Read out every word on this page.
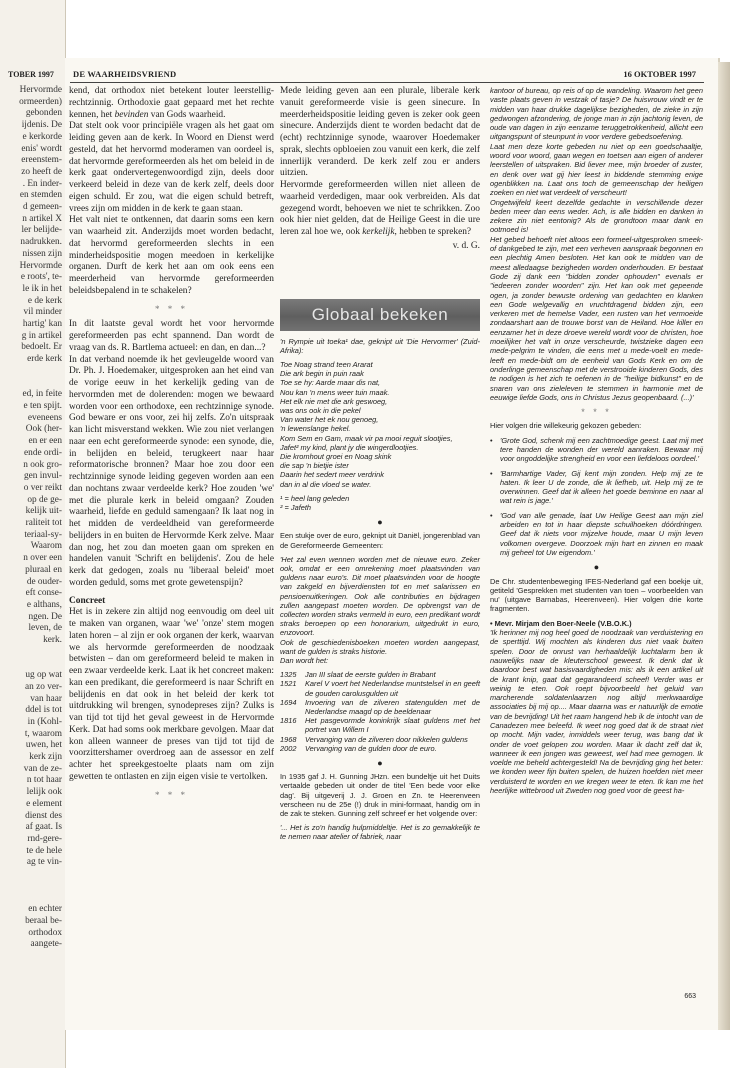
TOBER 1997
Hervormde
ormeerden)
gebonden
ijdenis. De
e kerkorde
enis' wordt
ereenstem-
zo heeft de
. En inder-
en stemden
d gemeen-
n artikel X
ler belijde-
nadrukken.
nissen zijn
Hervormde
e roots', te-
le ik in het
e de kerk
vil minder
hartig' kan
g in artikel
bedoelt. Er
erde kerk

ed, in feite
e ten spijt.
eveneens
Ook (her-
en er een
ende ordi-
n ook gro-
gen invul-
o ver reikt
op de ge-
kelijk uit-
raliteit tot
teriaal-sy-
Waarom
n over een
pluraal en
de ouder-
eft conse-
e althans,
ngen. De
leven, de
kerk.

ug op wat
an zo ver-
van haar
ddel is tot
in (Kohl-
t, waarom
uwen, het
kerk zijn
van de ze-
n tot haar
lelijk ook
e element
dienst des
af gaat. Is
rnd-gere-
te de hele
ag te vin-

en echter
beraal be-
orthodox
aangete-
DE WAARHEIDSVRIEND	16 OKTOBER 1997

kend, dat orthodox niet betekent louter leerstellig-rechtzinnig. Orthodoxie gaat gepaard met het rechte kennen, het bevinden van Gods waarheid.

Dat stelt ook voor principiële vragen als het gaat om leiding geven aan de kerk. In Woord en Dienst werd gesteld, dat het hervormd moderamen van oordeel is, dat hervormde gereformeerden als het om beleid in de kerk gaat ondervertegenwoordigd zijn, deels door verkeerd beleid in deze van de kerk zelf, deels door eigen schuld. Er zou, wat die eigen schuld betreft, vrees zijn om midden in de kerk te gaan staan.

Het valt niet te ontkennen, dat daarin soms een kern van waarheid zit. Anderzijds moet worden bedacht, dat hervormd gereformeerden slechts in een minderheidspositie mogen meedoen in kerkelijke organen. Durft de kerk het aan om ook eens een meerderheid van hervormde gereformeerden beleidsbepalend in te schakelen?

* * *

In dit laatste geval wordt het voor hervormde gereformeerden pas echt spannend. Dan wordt de vraag van ds. R. Bartlema actueel: en dan, en dan...?

In dat verband noemde ik het gevleugelde woord van Dr. Ph. J. Hoedemaker, uitgesproken aan het eind van de vorige eeuw in het kerkelijk geding van de hervormden met de dolerenden: mogen we bewaard worden voor een orthodoxe, een rechtzinnige synode. God beware er ons voor, zei hij zelfs. Zo'n uitspraak kan licht misverstand wekken. Wie zou niet verlangen naar een echt gereformeerde synode: een synode, die, in belijden en beleid, terugkeert naar haar reformatorische bronnen? Maar hoe zou door een rechtzinnige synode leiding gegeven worden aan een dan nochtans zwaar verdeelde kerk? Hoe zouden 'we' met die plurale kerk in beleid omgaan? Zouden waarheid, liefde en geduld samengaan? Ik laat nog in het midden de verdeeldheid van gereformeerde belijders in en buiten de Hervormde Kerk zelve. Maar dan nog, het zou dan moeten gaan om spreken en handelen vanuit 'Schrift en belijdenis'. Zou de hele kerk dat gedogen, zoals nu 'liberaal beleid' moet worden geduld, soms met grote gewetenspijn?

Concreet

Het is in zekere zin altijd nog eenvoudig om deel uit te maken van organen, waar 'we' 'onze' stem mogen laten horen – al zijn er ook organen der kerk, waarvan we als hervormde gereformeerden de noodzaak betwisten – dan om gereformeerd beleid te maken in een zwaar verdeelde kerk. Laat ik het concreet maken: kan een predikant, die gereformeerd is naar Schrift en belijdenis en dat ook in het beleid der kerk tot uitdrukking wil brengen, synodepreses zijn? Zulks is van tijd tot tijd het geval geweest in de Hervormde Kerk. Dat had soms ook merkbare gevolgen. Maar dat kon alleen wanneer de preses van tijd tot tijd de voorzittershamer overdroeg aan de assessor en zelf achter het spreekgestoelte plaats nam om zijn gewetten te ontlasten en zijn eigen visie te vertolken.

* * *

Mede leiding geven aan een plurale, liberale kerk vanuit gereformeerde visie is geen sinecure. In meerderheidspositie leiding geven is zeker ook geen sinecure. Anderzijds dient te worden bedacht dat de (echt) rechtzinnige synode, waarover Hoedemaker sprak, slechts opbloeien zou vanuit een kerk, die zelf innerlijk veranderd. De kerk zelf zou er anders uitzien.

Hervormde gereformeerden willen niet alleen de waarheid verdedigen, maar ook verbreiden. Als dat gezegend wordt, behoeven we niet te schrikken. Zoo ook hier niet gelden, dat de Heilige Geest in die ure leren zal hoe we, ook kerkelijk, hebben te spreken?

v. d. G.

Globaal bekeken

'n Rympie uit toeka¹ dae, geknipt uit 'Die Hervormer' (Zuid-Afrika):

Toe Noag strand teen Ararat
Die ark begin in puin raak
Toe se hy: Aarde maar dis nat,
Nou kan 'n mens weer tuin maak.
Het elk nie met die ark geswoeg,
was ons ook in die pekel
Van water het ek nou genoeg,
'n lewenslange hekel.
Kom Sem en Gam, maak vir pa mooi reguit slootjies,
Jafet² my kind, plant jy die wingerdlootjies.
Die kromhout groei en Noag skink
die sap 'n bietjie ister
Daarin het sedert meer verdrink
dan in al die vloed se water.

¹ = heel lang geleden
² = Jafeth

●

Een stukje over de euro, geknipt uit Daniël, jongerenblad van de Gereformeerde Gemeenten:

'Het zal even wennen worden met de nieuwe euro. Zeker ook, omdat er een omrekening moet plaatsvinden van guldens naar euro's. Dit moet plaatsvinden voor de hoogte van zakgeld en bijverdiensten tot en met salarissen en pensioenuitkeringen. Ook alle contributies en bijdragen zullen aangepast moeten worden. De opbrengst van de collecten worden straks vermeld in euro, een predikant wordt straks beroepen op een honorarium, uitgedrukt in euro, enzovoort.
Ook de geschiedenisboeken moeten worden aangepast, want de gulden is straks historie.
Dan wordt het:

1325	Jan III slaat de eerste gulden in Brabant
1521	Karel V voert het Nederlandse muntstelsel in en geeft de gouden carolusgulden uit
1694	Invoering van de zilveren statengulden met de Nederlandse maagd op de beeldenaar
1816	Het pasgevormde koninkrijk slaat guldens met het portret van Willem I
1968	Vervanging van de zilveren door nikkelen guldens
2002	Vervanging van de gulden door de euro.
●

In 1935 gaf J. H. Gunning JHzn. een bundeltje uit het Duits vertaalde gebeden uit onder de titel 'Een bede voor elke dag'. Bij uitgeverij J. J. Groen en Zn. te Heerenveen verscheen nu de 25e (!) druk in mini-formaat, handig om in de zak te steken. Gunning zelf schreef er het volgende over:

'... Het is zo'n handig hulpmiddeltje. Het is zo gemakkelijk te te nemen naar atelier of fabriek, naar

kantoor of bureau, op reis of op de wandeling. Waarom het geen vaste plaats geven in vestzak of tasje? De huisvrouw vindt er te midden van haar drukke dagelijkse bezigheden, de zieke in zijn gedwongen afzondering, de jonge man in zijn jachtorig leven, de oude van dagen in zijn eenzame teruggetrokkenheid, allicht een uitgangspunt of steunpunt in voor verdere gebedsoefening.
Laat men deze korte gebeden nu niet op een goedschaaltje, woord voor woord, gaan wegen en toetsen aan eigen of anderer leerstellen of uitspraken. Bid liever mee, mijn broeder of zuster, en denk over wat gij hier leest in biddende stemming enige ogenblikken na. Laat ons toch de gemeenschap der heiligen zoeken en niet wat verdeelt of verscheurt!
Ongetwijfeld keert dezelfde gedachte in verschillende dezer beden meer dan eens weder. Ach, is alle bidden en danken in zekere zin niet eentonig? Als de grondtoon maar dank en ootmoed is!
Het gebed behoeft niet altoos een formeel-uitgesproken smeek- of dankgebed te zijn, met een verheven aanspraak begonnen en een plechtig Amen besloten. Het kan ook te midden van de meest alledaagse bezigheden worden onderhouden. Er bestaat Gode zij dank een "bidden zonder ophouden" evenals er "iedeeren zonder woorden" zijn. Het kan ook met gepeende ogen, ja zonder bewuste ordening van gedachten en klanken een Gode welgevallig en vruchtdragend bidden zijn, een verkeren met de hemelse Vader, een rusten van het vermoeide zondaarshart aan de trouwe borst van de Heiland. Hoe killer en eenzamer het in deze droeve wereld wordt voor de christen, hoe moeilijker het valt in onze verscheurde, twistzieke dagen een mede-pelgrim te vinden, die eens met u mede-voelt en mede-leeft en mede-bidt om de eenheid van Gods Kerk en om de onderlinge gemeenschap met de verstrooide kinderen Gods, des te nodigen is het zich te oefenen in de "heilige bidkunst" en de snaren van ons zieleleven te stemmen in harmonie met de eeuwige liefde Gods, ons in Christus Jezus geopenbaard. (...)'

* * *

Hier volgen drie willekeurig gekozen gebeden:

•	'Grote God, schenk mij een zachtmoedige geest. Laat mij met tere handen de wonden der wereld aanraken. Bewaar mij voor ongoddelijke strengheid en voor een liefdeloos oordeel.'
•	'Barmhartige Vader, Gij kent mijn zonden. Help mij ze te haten. Ik leer U de zonde, die ik liefheb, uit. Help mij ze te overwinnen. Geef dat ik alleen het goede beminne en naar al wat rein is jage.'
•	'God van alle genade, laat Uw Heilige Geest aan mijn ziel arbeiden en tot in haar diepste schuilhoeken dóórdringen. Geef dat ik niets voor mijzelve houde, maar U mijn leven volkomen overgeve. Doorzoek mijn hart en zinnen en maak mij geheel tot Uw eigendom.'
●

De Chr. studentenbeweging IFES-Nederland gaf een boekje uit, getiteld 'Gesprekken met studenten van toen – voorbeelden van nu' (uitgave Barnabas, Heerenveen). Hier volgen drie korte fragmenten.

• Mevr. Mirjam den Boer-Neele (V.B.O.K.)

'Ik herinner mij nog heel goed de noodzaak van verduistering en de sperttijd. Wij mochten als kinderen dus niet vaak buiten spelen. Door de onrust van herhaaldelijk luchtalarm ben ik nauwelijks naar de kleuterschool geweest. Ik denk dat ik daardoor best wat basisvaardigheden mis: als ik een artikel uit de krant knip, gaat dat gegarandeerd scheef! Verder was er weinig te eten. Ook roept bijvoorbeeld het geluid van marcherende soldatenlaarzen nog altijd merkwaardige associaties bij mij op.... Maar daarna was er natuurlijk de emotie van de bevrijding! Uit het raam hangend heb ik de intocht van de Canadezen mee beleefd. Ik weet nog goed dat ik de straat niet op mocht. Mijn vader, inmiddels weer terug, was bang dat ik onder de voet gelopen zou worden. Maar ik dacht zelf dat ik, wanneer ik een jongen was geweest, wel had mee gemogen. Ik voelde me beheld achtergesteld! Na de bevrijding ging het beter: we konden weer fijn buiten spelen, de huizen hoefden niet meer verduisterd te worden en we kregen weer te eten. Ik kan me het heerlijke wittebrood uit Zweden nog goed voor de geest ha-

663
